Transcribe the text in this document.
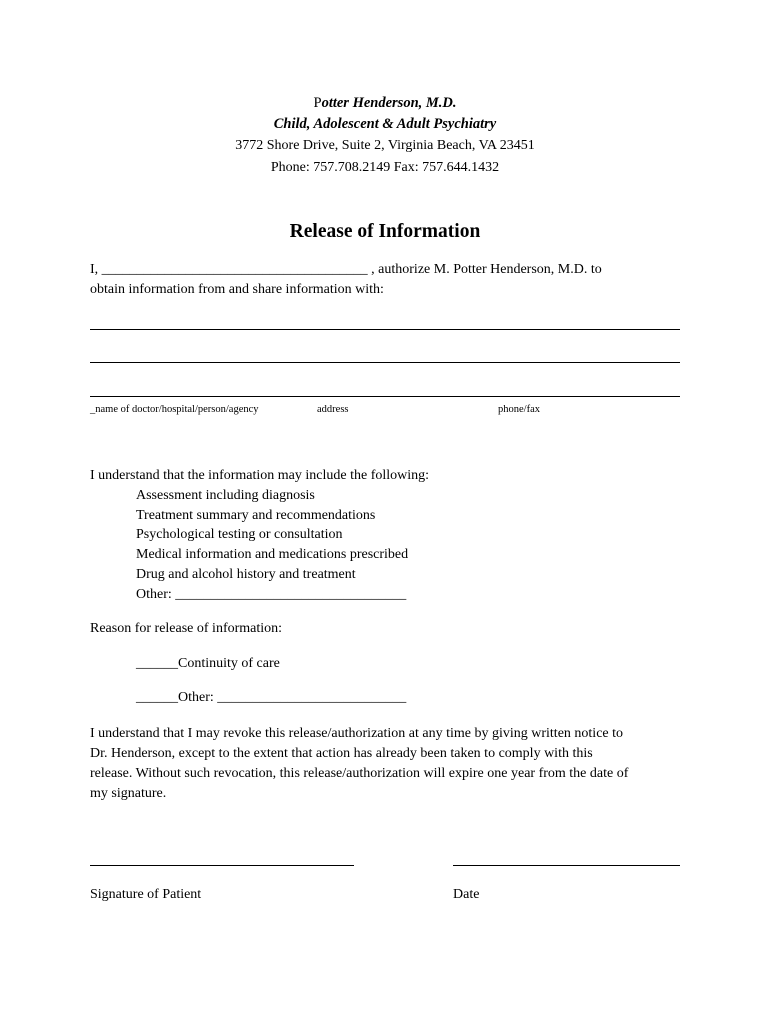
Potter Henderson, M.D.
Child, Adolescent & Adult Psychiatry
3772 Shore Drive, Suite 2, Virginia Beach, VA 23451
Phone: 757.708.2149 Fax: 757.644.1432
Release of Information
I, ______________________________________ , authorize M. Potter Henderson, M.D. to
obtain information from and share information with:
_name of doctor/hospital/person/agency	address	phone/fax
I understand that the information may include the following:
Assessment including diagnosis
Treatment summary and recommendations
Psychological testing or consultation
Medical information and medications prescribed
Drug and alcohol history and treatment
Other: _________________________________
Reason for release of information:
______Continuity of care
______Other: ___________________________
I understand that I may revoke this release/authorization at any time by giving written notice to
Dr. Henderson, except to the extent that action has already been taken to comply with this
release. Without such revocation, this release/authorization will expire one year from the date of
my signature.
Signature of Patient	Date
